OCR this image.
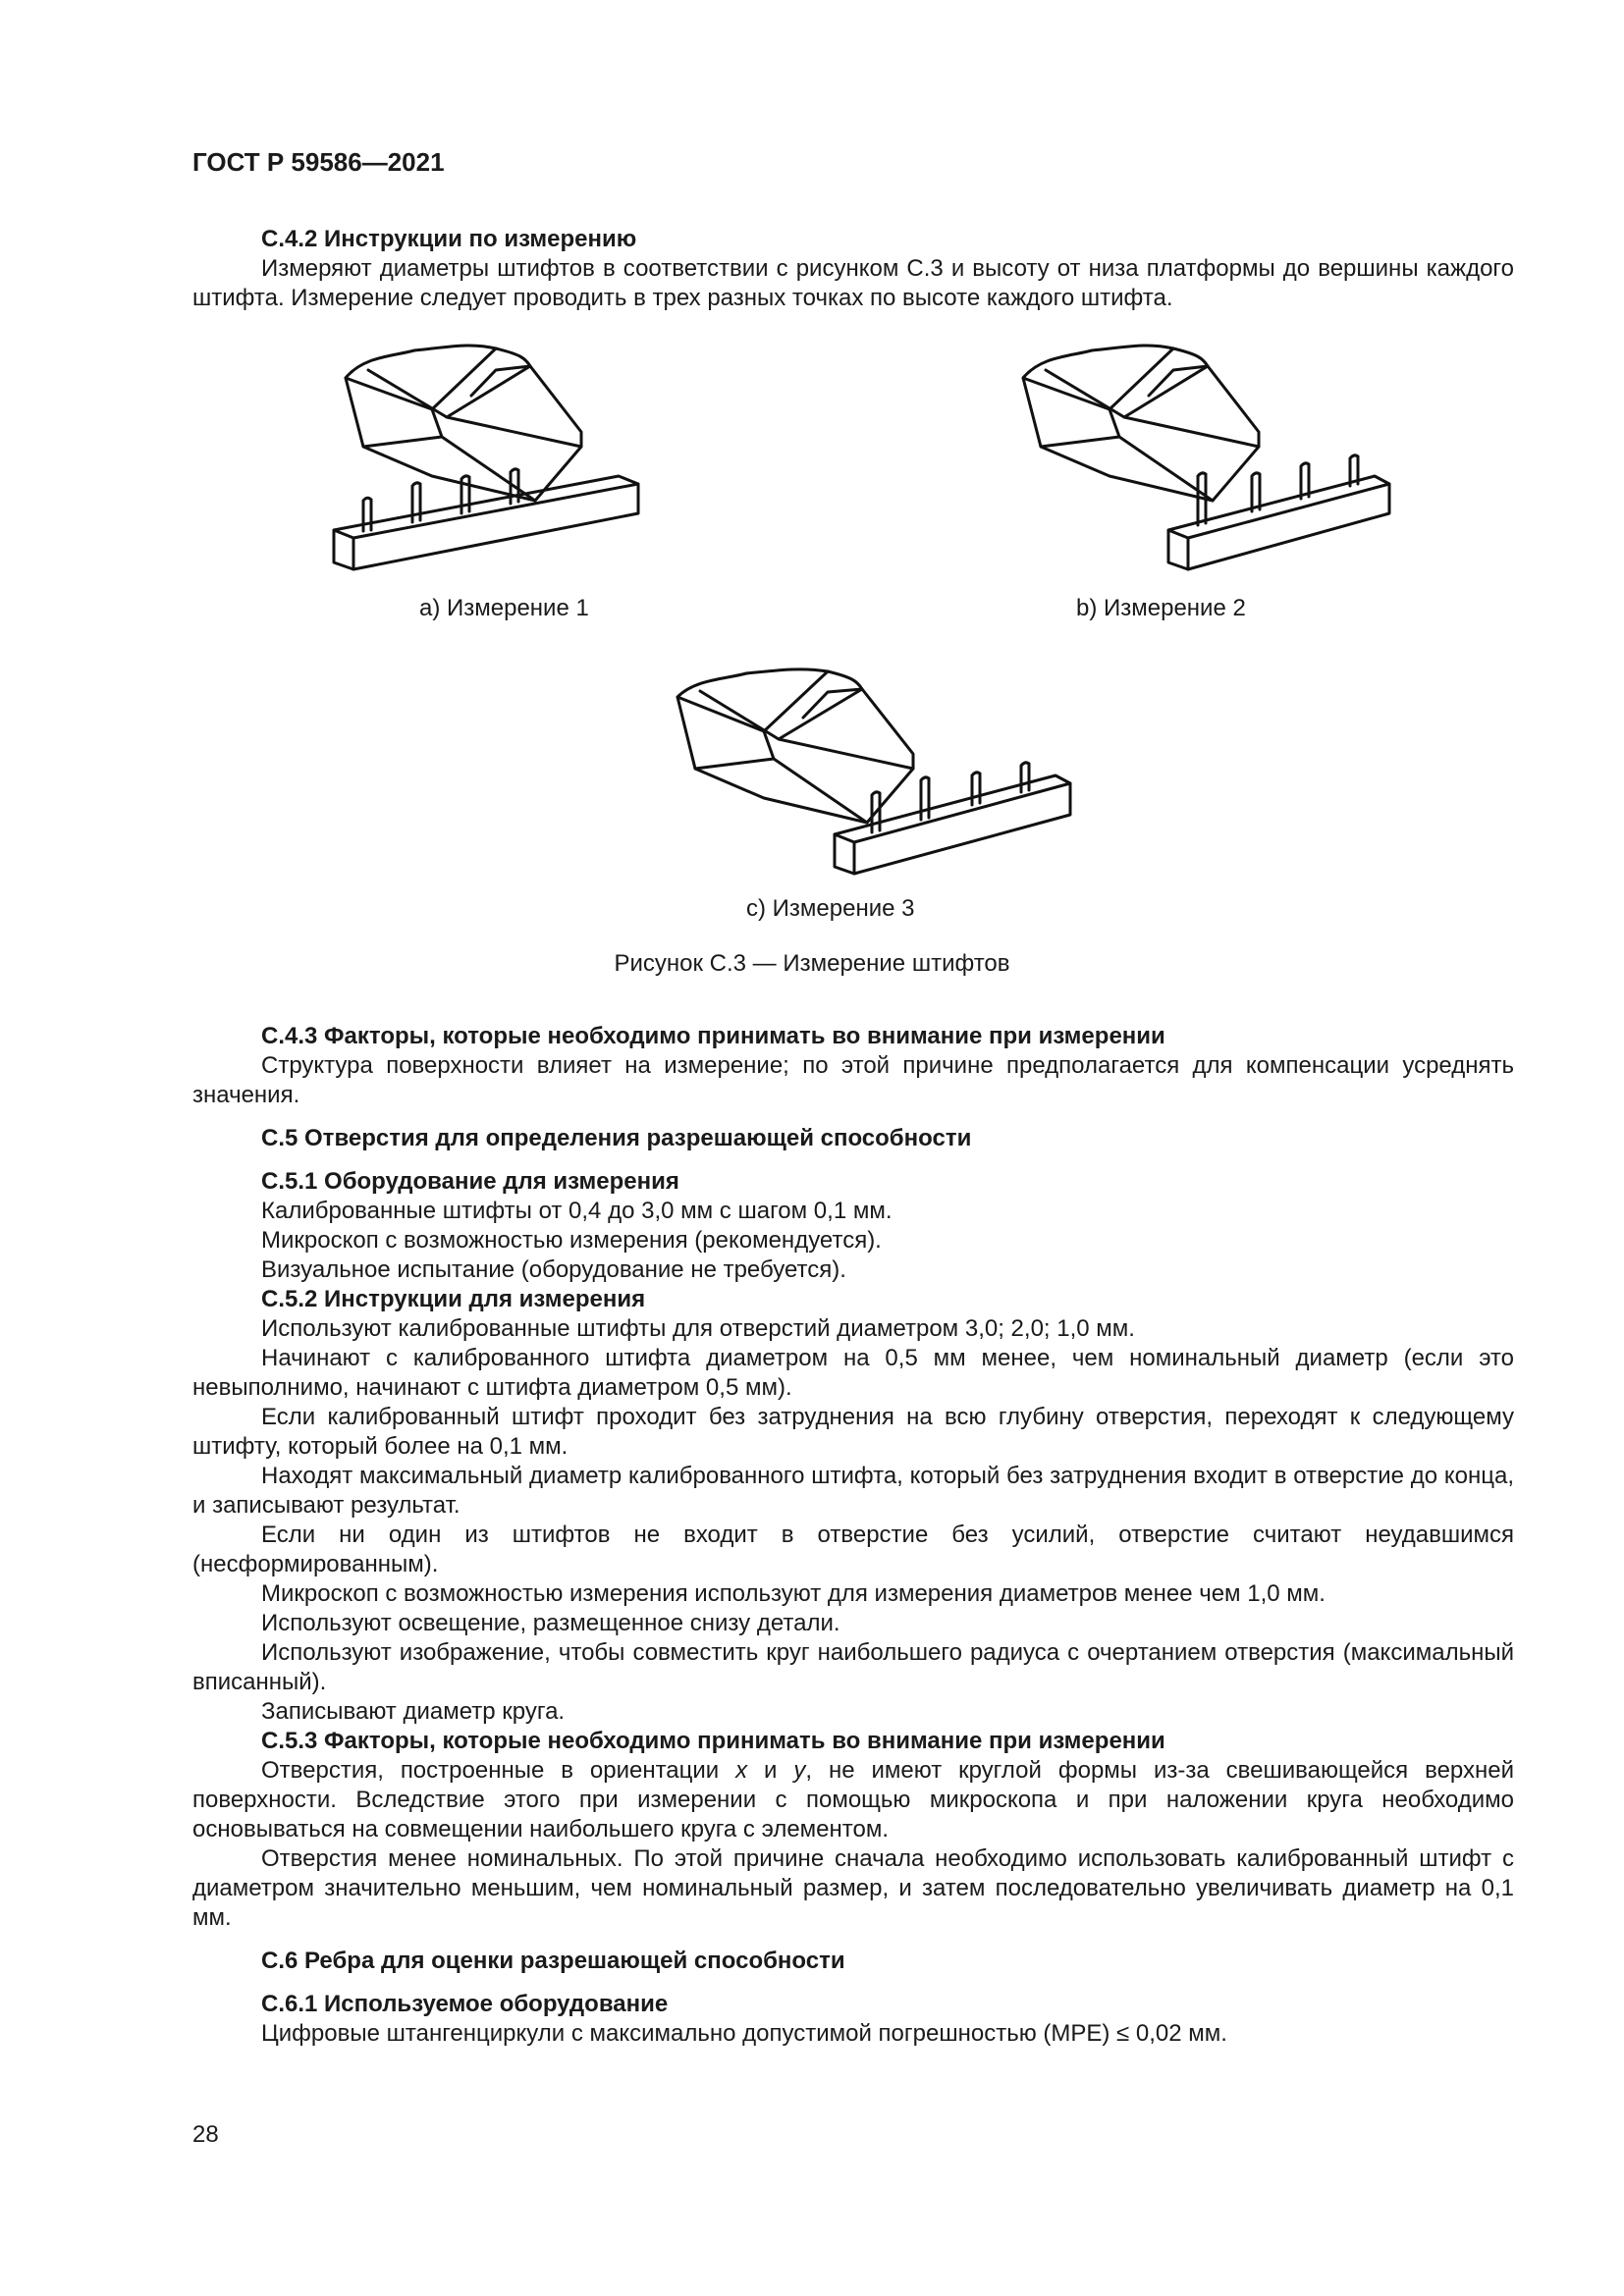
ГОСТ Р 59586—2021

С.4.2 Инструкции по измерению

Измеряют диаметры штифтов в соответствии с рисунком С.3 и высоту от низа платформы до вершины каждого штифта. Измерение следует проводить в трех разных точках по высоте каждого штифта.

a) Измерение 1	b) Измерение 2
c) Измерение 3
Рисунок С.3 — Измерение штифтов

С.4.3 Факторы, которые необходимо принимать во внимание при измерении

Структура поверхности влияет на измерение; по этой причине предполагается для компенсации усреднять значения.

С.5 Отверстия для определения разрешающей способности

С.5.1 Оборудование для измерения

Калиброванные штифты от 0,4 до 3,0 мм с шагом 0,1 мм.

Микроскоп с возможностью измерения (рекомендуется).

Визуальное испытание (оборудование не требуется).

С.5.2 Инструкции для измерения

Используют калиброванные штифты для отверстий диаметром 3,0; 2,0; 1,0 мм.

Начинают с калиброванного штифта диаметром на 0,5 мм менее, чем номинальный диаметр (если это невыполнимо, начинают с штифта диаметром 0,5 мм).

Если калиброванный штифт проходит без затруднения на всю глубину отверстия, переходят к следующему штифту, который более на 0,1 мм.

Находят максимальный диаметр калиброванного штифта, который без затруднения входит в отверстие до конца, и записывают результат.

Если ни один из штифтов не входит в отверстие без усилий, отверстие считают неудавшимся (несформированным).

Микроскоп с возможностью измерения используют для измерения диаметров менее чем 1,0 мм.

Используют освещение, размещенное снизу детали.

Используют изображение, чтобы совместить круг наибольшего радиуса с очертанием отверстия (максимальный вписанный).

Записывают диаметр круга.

С.5.3 Факторы, которые необходимо принимать во внимание при измерении

Отверстия, построенные в ориентации x и y, не имеют круглой формы из-за свешивающейся верхней поверхности. Вследствие этого при измерении с помощью микроскопа и при наложении круга необходимо основываться на совмещении наибольшего круга с элементом.

Отверстия менее номинальных. По этой причине сначала необходимо использовать калиброванный штифт с диаметром значительно меньшим, чем номинальный размер, и затем последовательно увеличивать диаметр на 0,1 мм.

С.6 Ребра для оценки разрешающей способности

С.6.1 Используемое оборудование

Цифровые штангенциркули с максимально допустимой погрешностью (MPE) ≤ 0,02 мм.

28
